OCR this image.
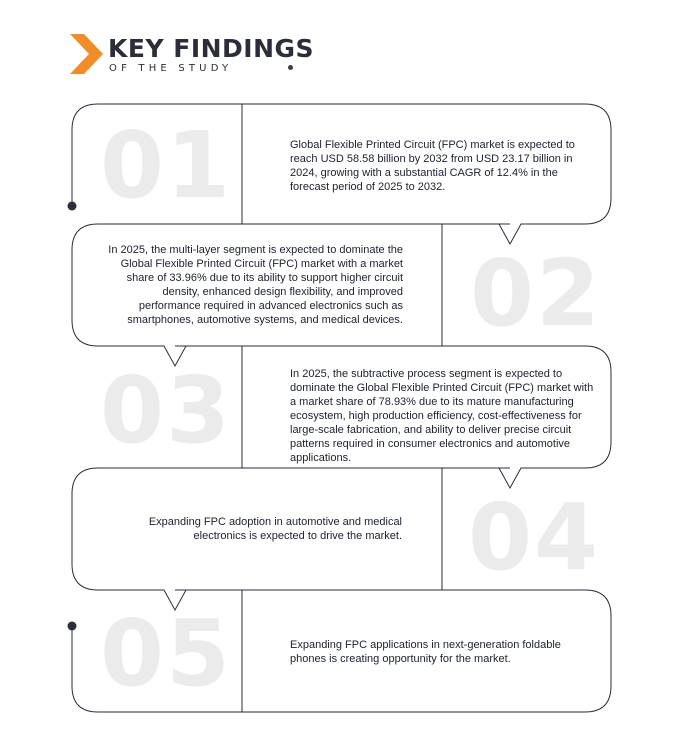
KEY FINDINGS
OF THE STUDY
01	Global Flexible Printed Circuit (FPC) market is expected to reach USD 58.58 billion by 2032 from USD 23.17 billion in 2024, growing with a substantial CAGR of 12.4% in the forecast period of 2025 to 2032.
02
In 2025, the multi-layer segment is expected to dominate the Global Flexible Printed Circuit (FPC) market with a market share of 33.96% due to its ability to support higher circuit density, enhanced design flexibility, and improved performance required in advanced electronics such as smartphones, automotive systems, and medical devices.
03	In 2025, the subtractive process segment is expected to dominate the Global Flexible Printed Circuit (FPC) market with a market share of 78.93% due to its mature manufacturing ecosystem, high production efficiency, cost-effectiveness for large-scale fabrication, and ability to deliver precise circuit patterns required in consumer electronics and automotive applications.
04
Expanding FPC adoption in automotive and medical electronics is expected to drive the market.
05	Expanding FPC applications in next-generation foldable phones is creating opportunity for the market.
